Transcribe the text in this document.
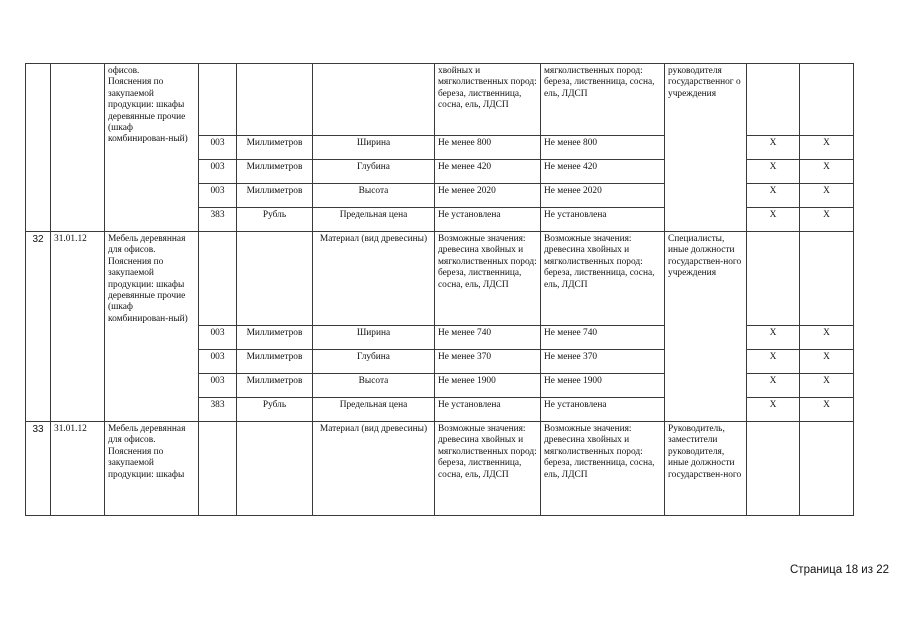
		офисов.
Пояснения по закупаемой продукции: шкафы деревянные прочие
(шкаф комбинирован-ный)				хвойных и мягколиственных пород: береза, лиственница, сосна, ель, ЛДСП	мягколиственных пород: береза, лиственница, сосна, ель, ЛДСП	руководителя государственног о учреждения		
			003	Миллиметров	Ширина	Не менее 800	Не менее 800		X	X
			003	Миллиметров	Глубина	Не менее 420	Не менее 420		X	X
			003	Миллиметров	Высота	Не менее 2020	Не менее 2020		X	X
			383	Рубль	Предельная цена	Не установлена	Не установлена		X	X
32	31.01.12	Мебель деревянная для офисов.
Пояснения по закупаемой продукции: шкафы деревянные прочие (шкаф комбинирован-ный)			Материал (вид древесины)	Возможные значения: древесина хвойных и мягколиственных пород: береза, лиственница, сосна, ель, ЛДСП	Возможные значения: древесина хвойных и мягколиственных пород: береза, лиственница, сосна, ель, ЛДСП	Специалисты, иные должности государствен-ного учреждения		
			003	Миллиметров	Ширина	Не менее 740	Не менее 740		X	X
			003	Миллиметров	Глубина	Не менее 370	Не менее 370		X	X
			003	Миллиметров	Высота	Не менее 1900	Не менее 1900		X	X
			383	Рубль	Предельная цена	Не установлена	Не установлена		X	X
33	31.01.12	Мебель деревянная для офисов.
Пояснения по закупаемой продукции: шкафы			Материал (вид древесины)	Возможные значения: древесина хвойных и мягколиственных пород: береза, лиственница, сосна, ель, ЛДСП	Возможные значения: древесина хвойных и мягколиственных пород: береза, лиственница, сосна, ель, ЛДСП	Руководитель, заместители руководителя, иные должности государствен-ного		
Страница 18 из 22
